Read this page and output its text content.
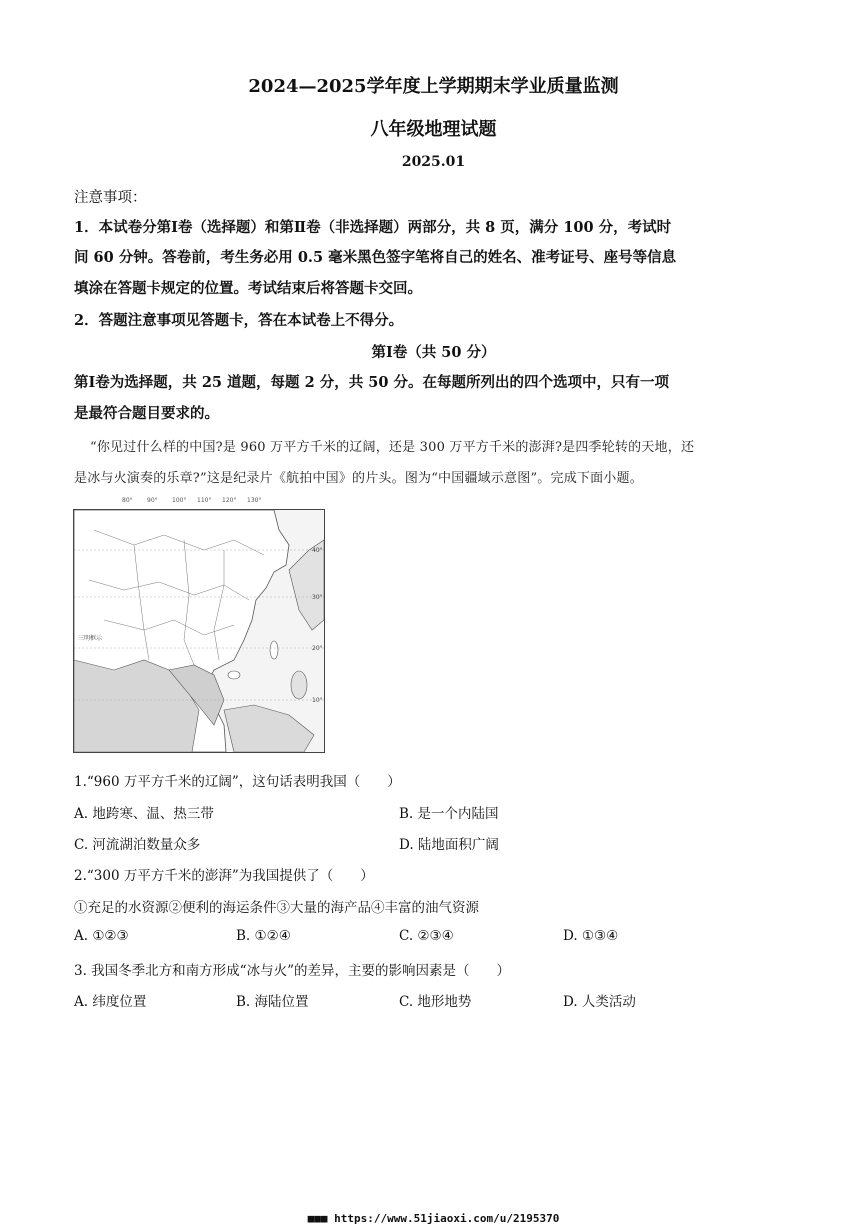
2024—2025学年度上学期期末学业质量监测
八年级地理试题
2025.01
注意事项：
1．本试卷分第Ⅰ卷（选择题）和第Ⅱ卷（非选择题）两部分，共 8 页，满分 100 分，考试时
间 60 分钟。答卷前，考生务必用 0.5 毫米黑色签字笔将自己的姓名、准考证号、座号等信息
填涂在答题卡规定的位置。考试结束后将答题卡交回。
2．答题注意事项见答题卡，答在本试卷上不得分。
第Ⅰ卷（共 50 分）
第Ⅰ卷为选择题，共 25 道题，每题 2 分，共 50 分。在每题所列出的四个选项中，只有一项
是最符合题目要求的。
“你见过什么样的中国?是 960 万平方千米的辽阔，还是 300 万平方千米的澎湃?是四季轮转的天地，还
是冰与火演奏的乐章?”这是纪录片《航拍中国》的片头。图为“中国疆域示意图”。完成下面小题。
80° 90° 100° 110° 120° 130°
40°
30°
20°
10°
三明框示
1.“960 万平方千米的辽阔”，这句话表明我国（　　）
A. 地跨寒、温、热三带	B. 是一个内陆国
C. 河流湖泊数量众多	D. 陆地面积广阔
2.“300 万平方千米的澎湃”为我国提供了（　　）
①充足的水资源②便利的海运条件③大量的海产品④丰富的油气资源
A. ①②③	B. ①②④	C. ②③④	D. ①③④
3. 我国冬季北方和南方形成“冰与火”的差异，主要的影响因素是（　　）
A. 纬度位置	B. 海陆位置	C. 地形地势	D. 人类活动
■■■ https://www.51jiaoxi.com/u/2195370
